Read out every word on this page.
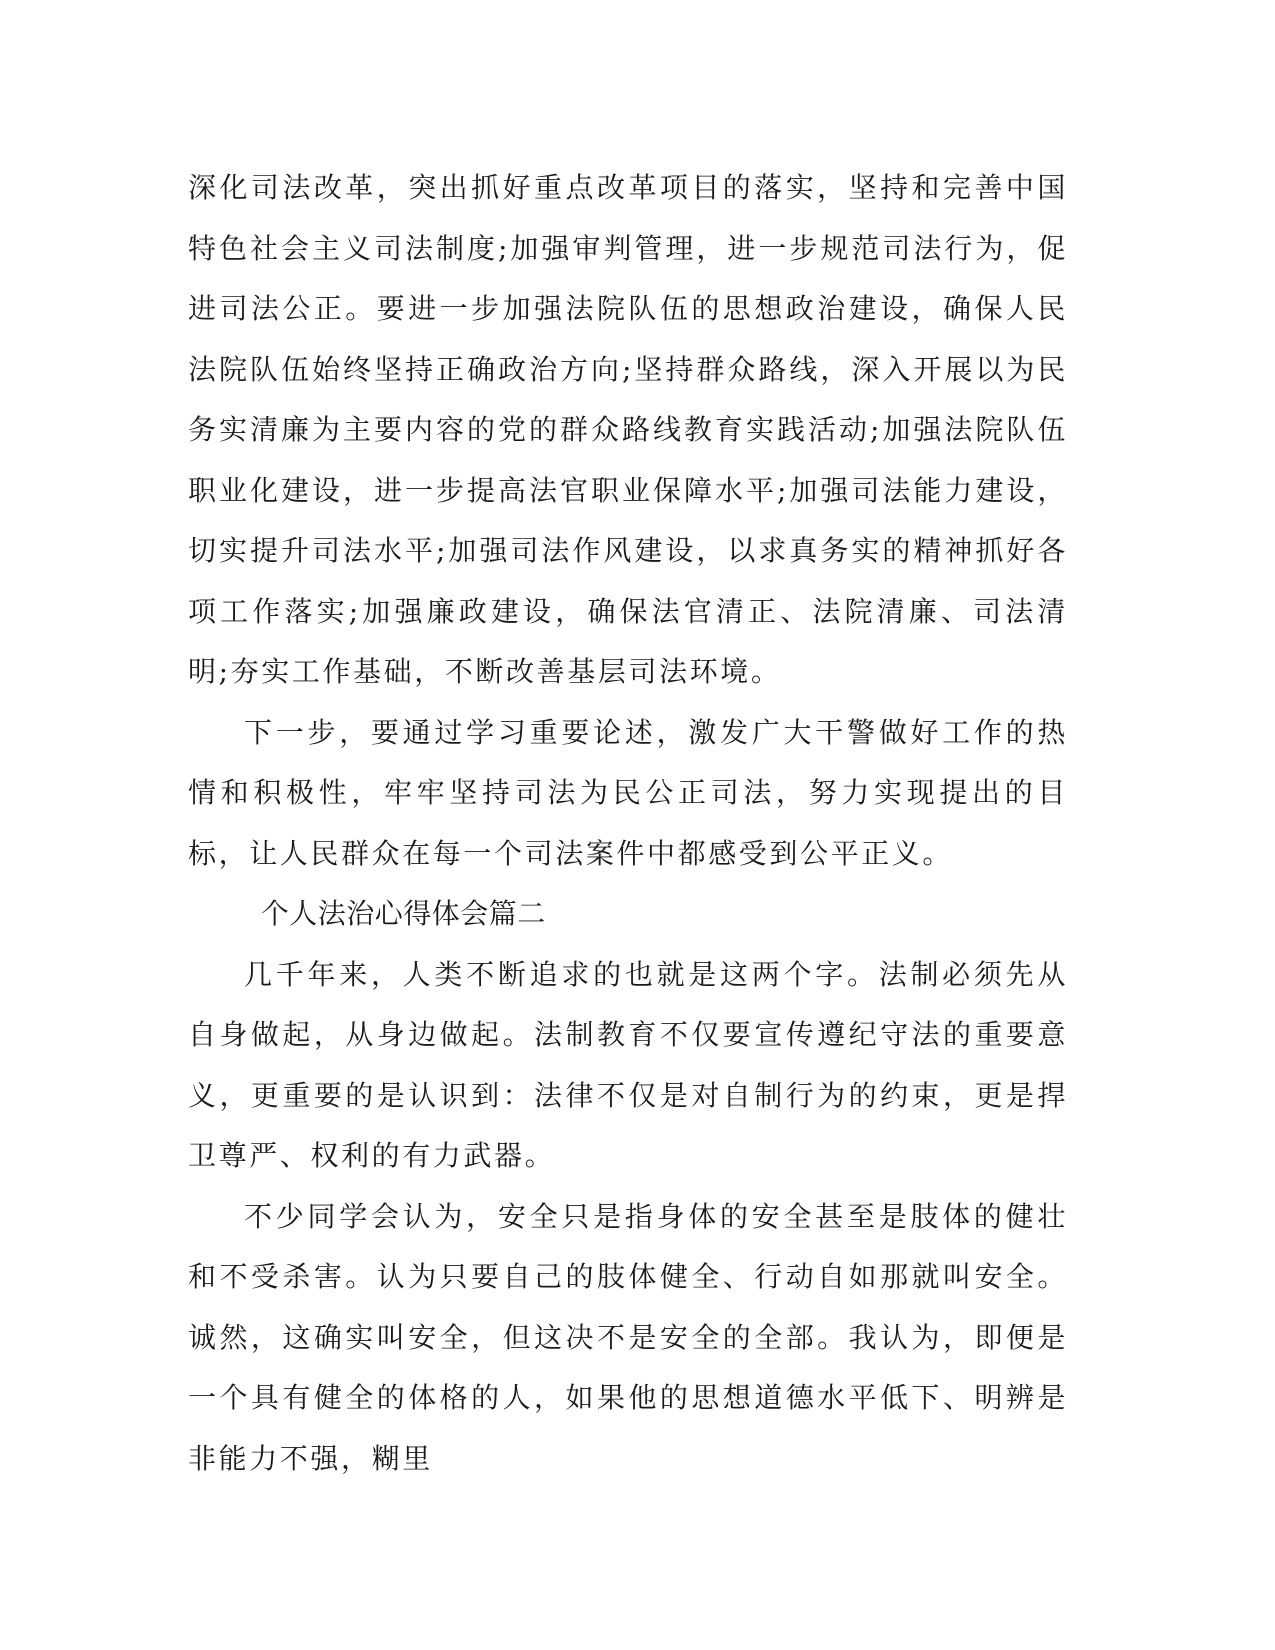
深化司法改革，突出抓好重点改革项目的落实，坚持和完善中国特色社会主义司法制度;加强审判管理，进一步规范司法行为，促进司法公正。要进一步加强法院队伍的思想政治建设，确保人民法院队伍始终坚持正确政治方向;坚持群众路线，深入开展以为民务实清廉为主要内容的党的群众路线教育实践活动;加强法院队伍职业化建设，进一步提高法官职业保障水平;加强司法能力建设，切实提升司法水平;加强司法作风建设，以求真务实的精神抓好各项工作落实;加强廉政建设，确保法官清正、法院清廉、司法清明;夯实工作基础，不断改善基层司法环境。

下一步，要通过学习重要论述，激发广大干警做好工作的热情和积极性，牢牢坚持司法为民公正司法，努力实现提出的目标，让人民群众在每一个司法案件中都感受到公平正义。

个人法治心得体会篇二

几千年来，人类不断追求的也就是这两个字。法制必须先从自身做起，从身边做起。法制教育不仅要宣传遵纪守法的重要意义，更重要的是认识到：法律不仅是对自制行为的约束，更是捍卫尊严、权利的有力武器。

不少同学会认为，安全只是指身体的安全甚至是肢体的健壮和不受杀害。认为只要自己的肢体健全、行动自如那就叫安全。诚然，这确实叫安全，但这决不是安全的全部。我认为，即便是一个具有健全的体格的人，如果他的思想道德水平低下、明辨是非能力不强，糊里
